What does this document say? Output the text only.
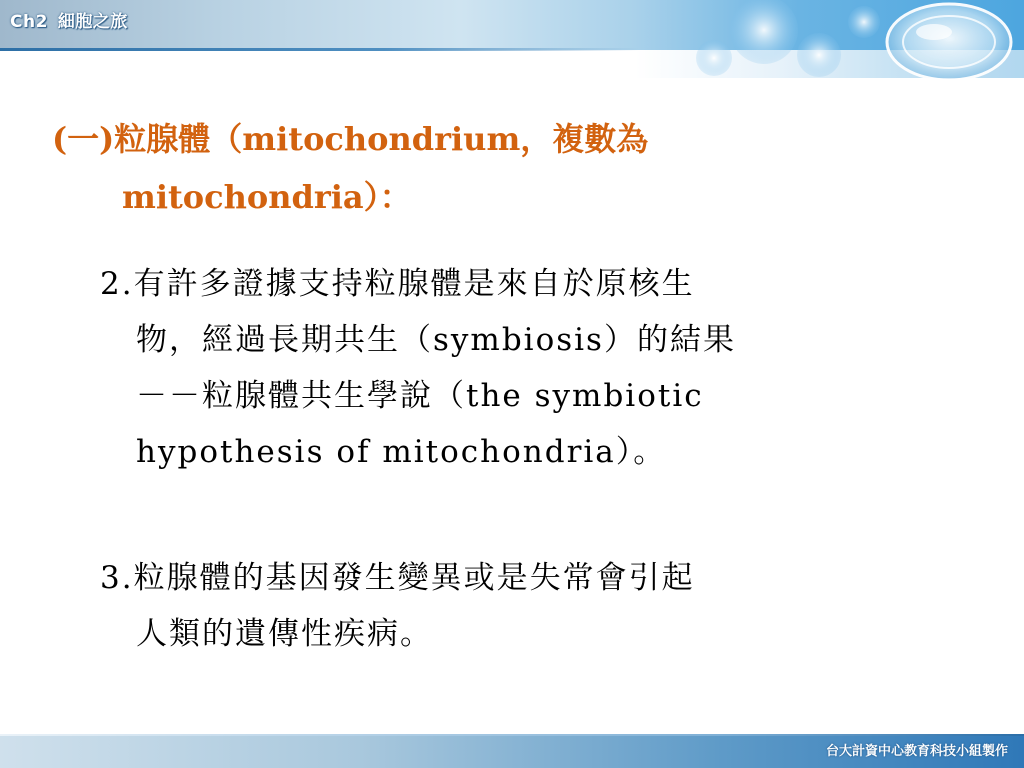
Ch2 細胞之旅
(一)粒腺體（mitochondrium，複數為
mitochondria）：
2.有許多證據支持粒腺體是來自於原核生
物，經過長期共生（symbiosis）的結果
－－粒腺體共生學說（the symbiotic
hypothesis of mitochondria）。
3.粒腺體的基因發生變異或是失常會引起
人類的遺傳性疾病。
台大計資中心教育科技小組製作
